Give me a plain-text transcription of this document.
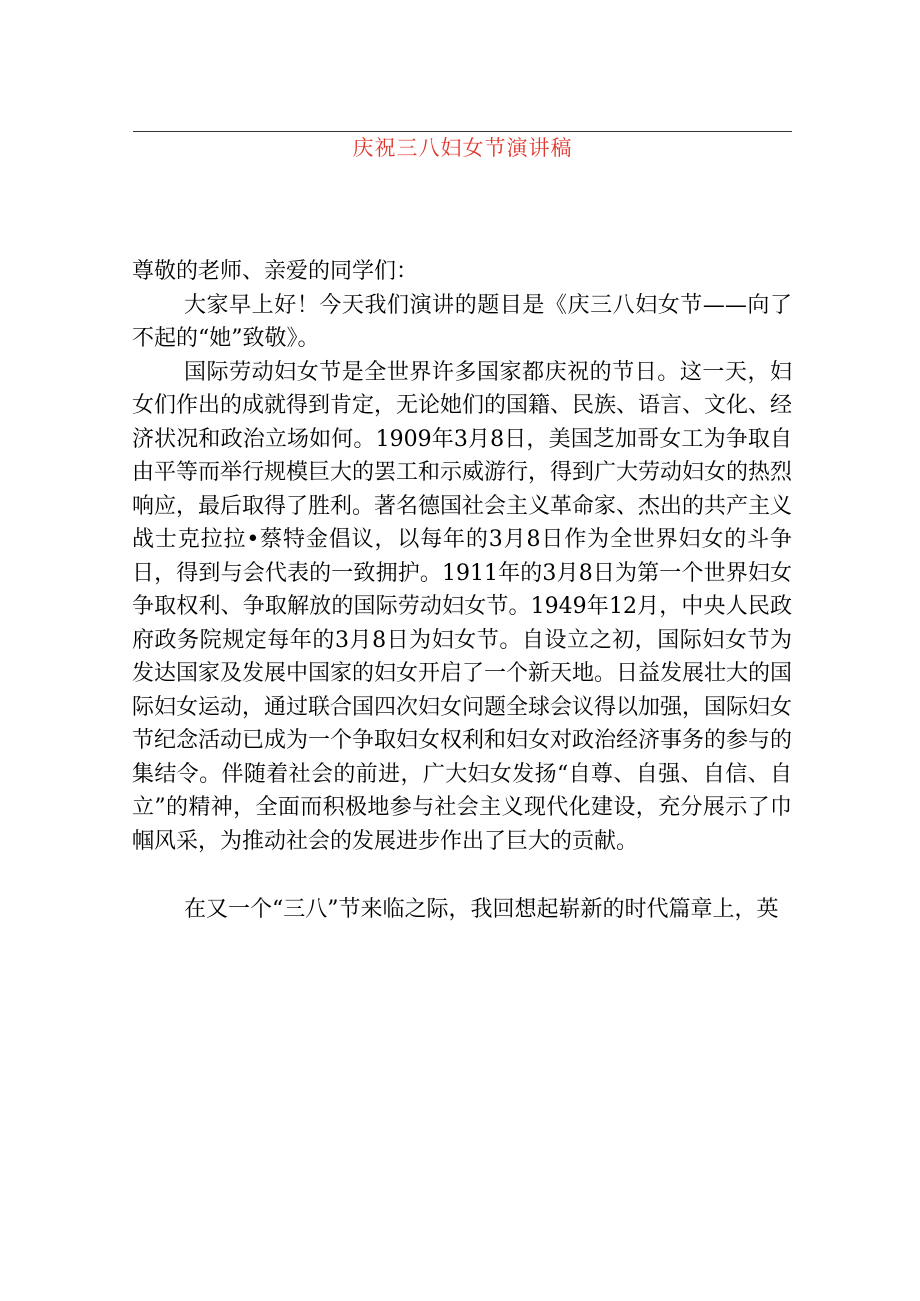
庆祝三八妇女节演讲稿

尊敬的老师、亲爱的同学们：

大家早上好！今天我们演讲的题目是《庆三八妇女节——向了不起的“她”致敬》。

国际劳动妇女节是全世界许多国家都庆祝的节日。这一天，妇女们作出的成就得到肯定，无论她们的国籍、民族、语言、文化、经济状况和政治立场如何。1909年3月8日，美国芝加哥女工为争取自由平等而举行规模巨大的罢工和示威游行，得到广大劳动妇女的热烈响应，最后取得了胜利。著名德国社会主义革命家、杰出的共产主义战士克拉拉•蔡特金倡议，以每年的3月8日作为全世界妇女的斗争日，得到与会代表的一致拥护。1911年的3月8日为第一个世界妇女争取权利、争取解放的国际劳动妇女节。1949年12月，中央人民政府政务院规定每年的3月8日为妇女节。自设立之初，国际妇女节为发达国家及发展中国家的妇女开启了一个新天地。日益发展壮大的国际妇女运动，通过联合国四次妇女问题全球会议得以加强，国际妇女节纪念活动已成为一个争取妇女权利和妇女对政治经济事务的参与的集结令。伴随着社会的前进，广大妇女发扬“自尊、自强、自信、自立”的精神，全面而积极地参与社会主义现代化建设，充分展示了巾帼风采，为推动社会的发展进步作出了巨大的贡献。

在又一个“三八”节来临之际，我回想起崭新的时代篇章上，英
